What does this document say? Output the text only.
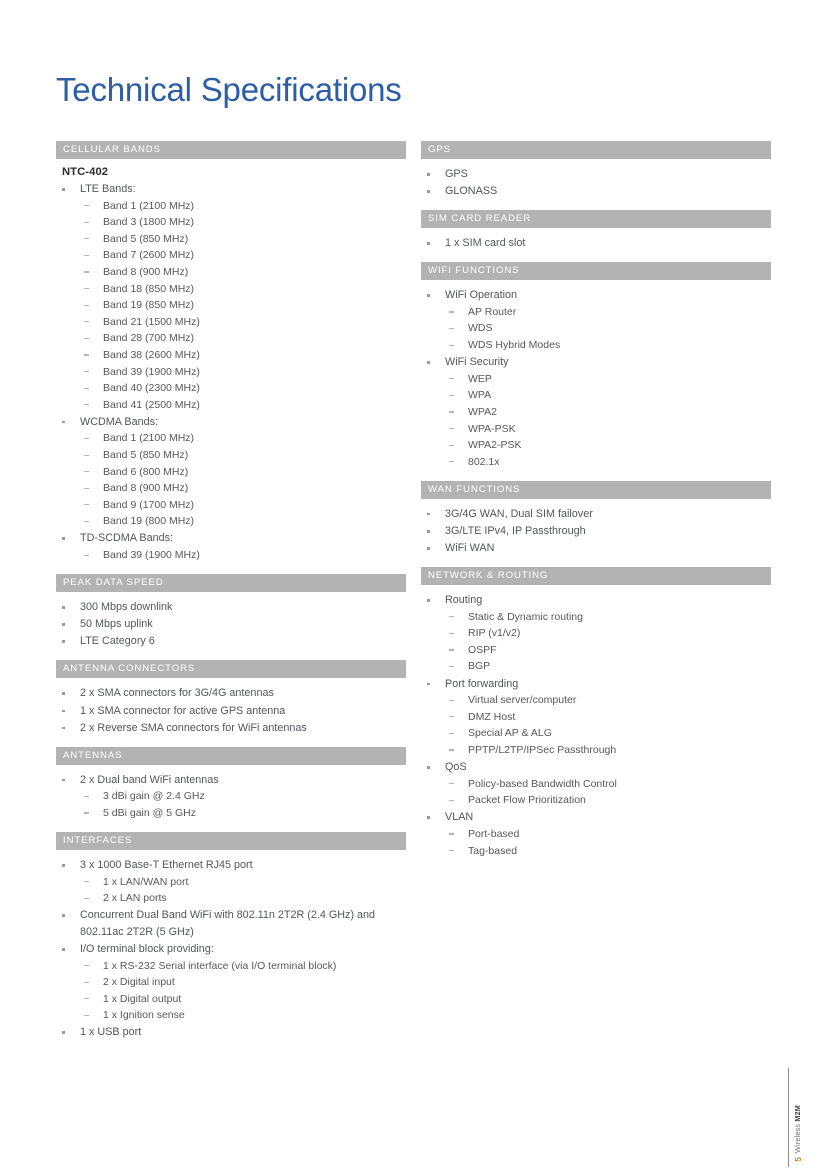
Technical Specifications
CELLULAR BANDS
NTC-402
LTE Bands:
Band 1 (2100 MHz)
Band 3 (1800 MHz)
Band 5 (850 MHz)
Band 7 (2600 MHz)
Band 8 (900 MHz)
Band 18 (850 MHz)
Band 19 (850 MHz)
Band 21 (1500 MHz)
Band 28 (700 MHz)
Band 38 (2600 MHz)
Band 39 (1900 MHz)
Band 40 (2300 MHz)
Band 41 (2500 MHz)
WCDMA Bands:
Band 1 (2100 MHz)
Band 5 (850 MHz)
Band 6 (800 MHz)
Band 8 (900 MHz)
Band 9 (1700 MHz)
Band 19 (800 MHz)
TD-SCDMA Bands:
Band 39 (1900 MHz)
PEAK DATA SPEED
300 Mbps downlink
50 Mbps uplink
LTE Category 6
ANTENNA CONNECTORS
2 x SMA connectors for 3G/4G antennas
1 x SMA connector for active GPS antenna
2 x Reverse SMA connectors for WiFi antennas
ANTENNAS
2 x Dual band WiFi antennas
3 dBi gain @ 2.4 GHz
5 dBi gain @ 5 GHz
INTERFACES
3 x 1000 Base-T Ethernet RJ45 port
1 x LAN/WAN port
2 x LAN ports
Concurrent Dual Band WiFi with 802.11n 2T2R (2.4 GHz) and 802.11ac 2T2R (5 GHz)
I/O terminal block providing:
1 x RS-232 Serial interface (via I/O terminal block)
2 x Digital input
1 x Digital output
1 x Ignition sense
1 x USB port
GPS
GPS
GLONASS
SIM CARD READER
1 x SIM card slot
WIFI FUNCTIONS
WiFi Operation
AP Router
WDS
WDS Hybrid Modes
WiFi Security
WEP
WPA
WPA2
WPA-PSK
WPA2-PSK
802.1x
WAN FUNCTIONS
3G/4G WAN, Dual SIM failover
3G/LTE IPv4, IP Passthrough
WiFi WAN
NETWORK & ROUTING
Routing
Static & Dynamic routing
RIP (v1/v2)
OSPF
BGP
Port forwarding
Virtual server/computer
DMZ Host
Special AP & ALG
PPTP/L2TP/IPSec Passthrough
QoS
Policy-based Bandwidth Control
Packet Flow Prioritization
VLAN
Port-based
Tag-based
Wireless M2M
5
